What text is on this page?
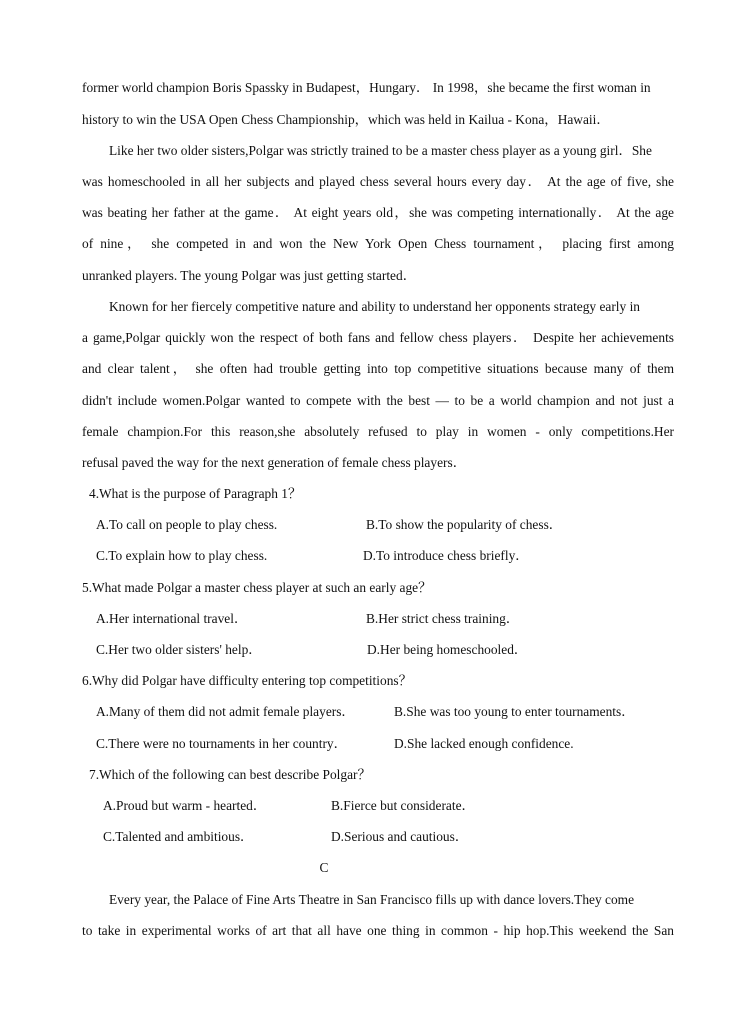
former world champion Boris Spassky in Budapest，Hungary． In 1998，she became the first woman in
history to win the USA Open Chess Championship，which was held in Kailua - Kona，Hawaii．
Like her two older sisters,Polgar was strictly trained to be a master chess player as a young girl．She
was homeschooled in all her subjects and played chess several hours every day． At the age of five, she
was beating her father at the game． At eight years old，she was competing internationally． At the age
of nine， she competed in and won the New York Open Chess tournament， placing first among
unranked players. The young Polgar was just getting started．
Known for her fiercely competitive nature and ability to understand her opponents strategy early in
a game,Polgar quickly won the respect of both fans and fellow chess players． Despite her achievements
and clear talent， she often had trouble getting into top competitive situations because many of them
didn't include women.Polgar wanted to compete with the best — to be a world champion and not just a
female champion.For this reason,she absolutely refused to play in women - only competitions.Her
refusal paved the way for the next generation of female chess players．
4.What is the purpose of Paragraph 1？
A.To call on people to play chess.	B.To show the popularity of chess．
C.To explain how to play chess.	D.To introduce chess briefly．
5.What made Polgar a master chess player at such an early age？
A.Her international travel．	B.Her strict chess training．
C.Her two older sisters' help．	D.Her being homeschooled．
6.Why did Polgar have difficulty entering top competitions？
A.Many of them did not admit female players．	B.She was too young to enter tournaments．
C.There were no tournaments in her country．	D.She lacked enough confidence.
7.Which of the following can best describe Polgar？
A.Proud but warm - hearted．	B.Fierce but considerate．
C.Talented and ambitious．	D.Serious and cautious．
C
Every year, the Palace of Fine Arts Theatre in San Francisco fills up with dance lovers.They come
to take in experimental works of art that all have one thing in common - hip hop.This weekend the San
